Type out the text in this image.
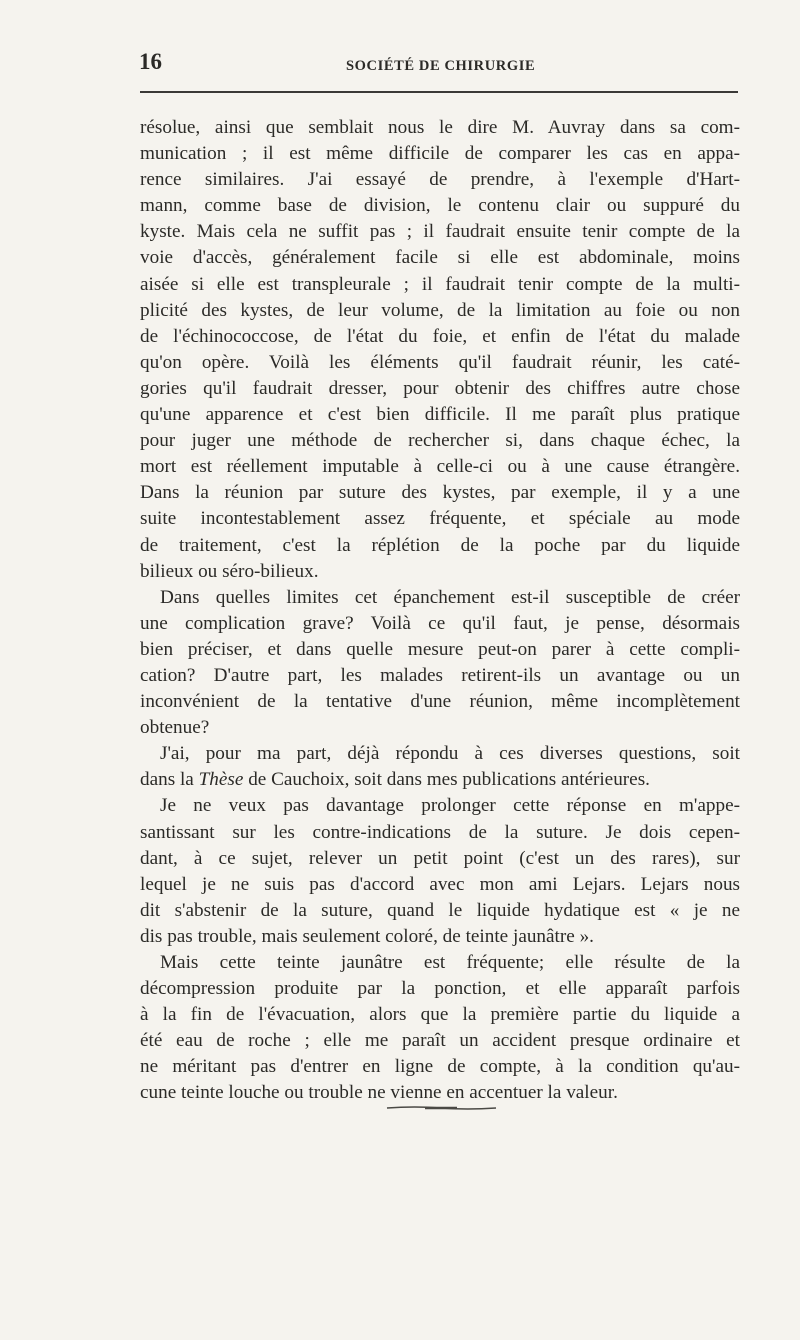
16	SOCIÉTÉ DE CHIRURGIE
résolue, ainsi que semblait nous le dire M. Auvray dans sa com-
munication ; il est même difficile de comparer les cas en appa-
rence similaires. J'ai essayé de prendre, à l'exemple d'Hart-
mann, comme base de division, le contenu clair ou suppuré du
kyste. Mais cela ne suffit pas ; il faudrait ensuite tenir compte de la
voie d'accès, généralement facile si elle est abdominale, moins
aisée si elle est transpleurale ; il faudrait tenir compte de la multi-
plicité des kystes, de leur volume, de la limitation au foie ou non
de l'échinococcose, de l'état du foie, et enfin de l'état du malade
qu'on opère. Voilà les éléments qu'il faudrait réunir, les caté-
gories qu'il faudrait dresser, pour obtenir des chiffres autre chose
qu'une apparence et c'est bien difficile. Il me paraît plus pratique
pour juger une méthode de rechercher si, dans chaque échec, la
mort est réellement imputable à celle-ci ou à une cause étrangère.
Dans la réunion par suture des kystes, par exemple, il y a une
suite incontestablement assez fréquente, et spéciale au mode
de traitement, c'est la réplétion de la poche par du liquide
bilieux ou séro-bilieux.
Dans quelles limites cet épanchement est-il susceptible de créer
une complication grave? Voilà ce qu'il faut, je pense, désormais
bien préciser, et dans quelle mesure peut-on parer à cette compli-
cation? D'autre part, les malades retirent-ils un avantage ou un
inconvénient de la tentative d'une réunion, même incomplètement
obtenue?
J'ai, pour ma part, déjà répondu à ces diverses questions, soit
dans la Thèse de Cauchoix, soit dans mes publications antérieures.
Je ne veux pas davantage prolonger cette réponse en m'appe-
santissant sur les contre-indications de la suture. Je dois cepen-
dant, à ce sujet, relever un petit point (c'est un des rares), sur
lequel je ne suis pas d'accord avec mon ami Lejars. Lejars nous
dit s'abstenir de la suture, quand le liquide hydatique est « je ne
dis pas trouble, mais seulement coloré, de teinte jaunâtre ».
Mais cette teinte jaunâtre est fréquente; elle résulte de la
décompression produite par la ponction, et elle apparaît parfois
à la fin de l'évacuation, alors que la première partie du liquide a
été eau de roche ; elle me paraît un accident presque ordinaire et
ne méritant pas d'entrer en ligne de compte, à la condition qu'au-
cune teinte louche ou trouble ne vienne en accentuer la valeur.
